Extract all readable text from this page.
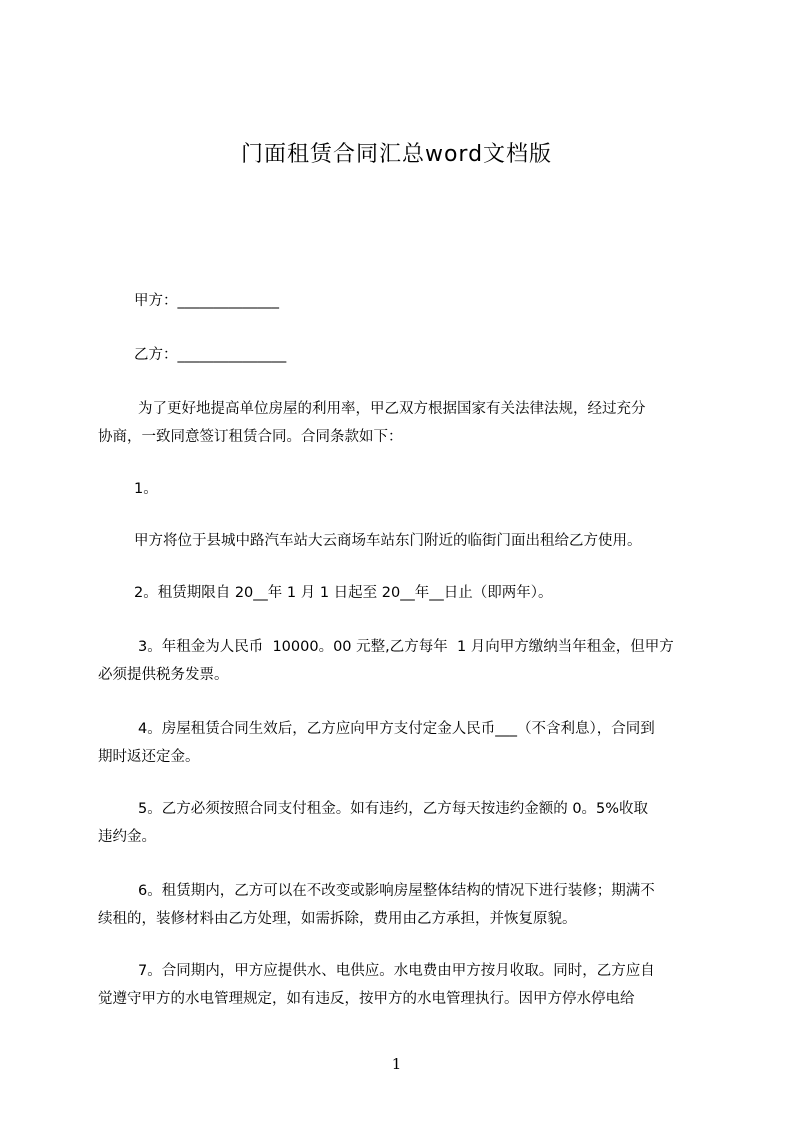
门面租赁合同汇总word文档版
甲方：______________
乙方：_______________
为了更好地提高单位房屋的利用率，甲乙双方根据国家有关法律法规，经过充分
协商，一致同意签订租赁合同。合同条款如下：
1。
甲方将位于县城中路汽车站大云商场车站东门附近的临街门面出租给乙方使用。
2。租赁期限自 20__年 1 月 1 日起至 20__年__日止（即两年）。
3。年租金为人民币  10000。00 元整,乙方每年  1 月向甲方缴纳当年租金，但甲方
必须提供税务发票。
4。房屋租赁合同生效后，乙方应向甲方支付定金人民币___（不含利息），合同到
期时返还定金。
5。乙方必须按照合同支付租金。如有违约，乙方每天按违约金额的 0。5%收取
违约金。
6。租赁期内，乙方可以在不改变或影响房屋整体结构的情况下进行装修；期满不
续租的，装修材料由乙方处理，如需拆除，费用由乙方承担，并恢复原貌。
7。合同期内，甲方应提供水、电供应。水电费由甲方按月收取。同时，乙方应自
觉遵守甲方的水电管理规定，如有违反，按甲方的水电管理执行。因甲方停水停电给
1
